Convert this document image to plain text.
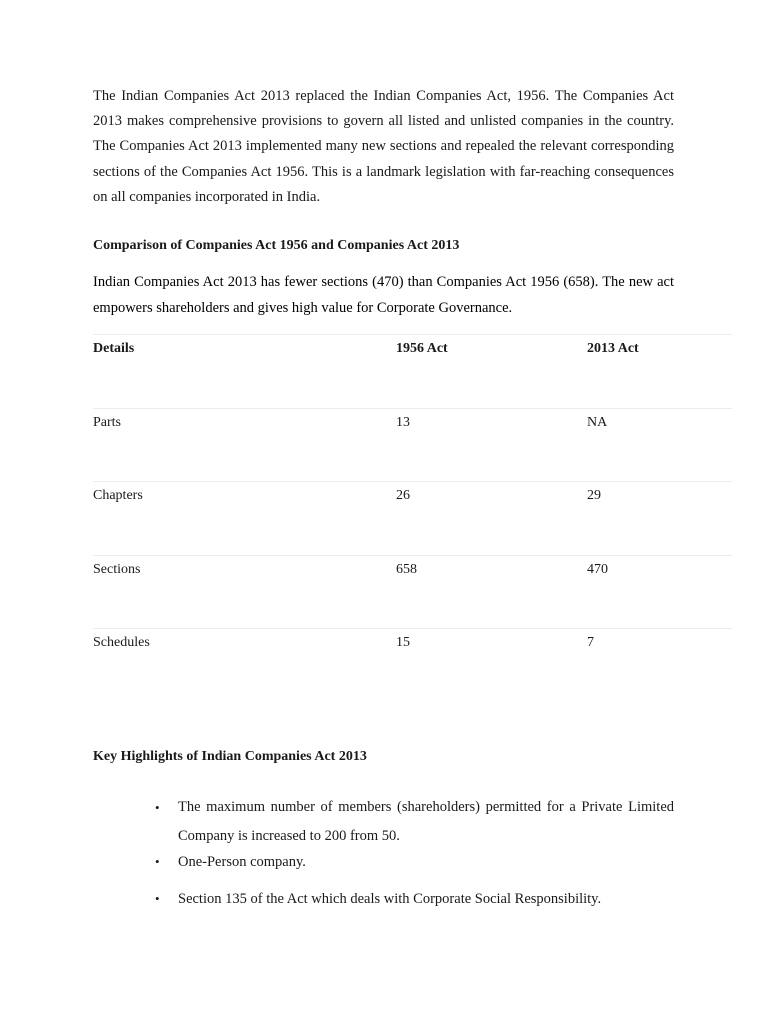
The Indian Companies Act 2013 replaced the Indian Companies Act, 1956. The Companies Act 2013 makes comprehensive provisions to govern all listed and unlisted companies in the country. The Companies Act 2013 implemented many new sections and repealed the relevant corresponding sections of the Companies Act 1956. This is a landmark legislation with far-reaching consequences on all companies incorporated in India.

Comparison of Companies Act 1956 and Companies Act 2013

Indian Companies Act 2013 has fewer sections (470) than Companies Act 1956 (658). The new act empowers shareholders and gives high value for Corporate Governance.

Details	1956 Act	2013 Act
Parts	13	NA
Chapters	26	29
Sections	658	470
Schedules	15	7
Key Highlights of Indian Companies Act 2013
• The maximum number of members (shareholders) permitted for a Private Limited Company is increased to 200 from 50.
• One-Person company.
• Section 135 of the Act which deals with Corporate Social Responsibility.
